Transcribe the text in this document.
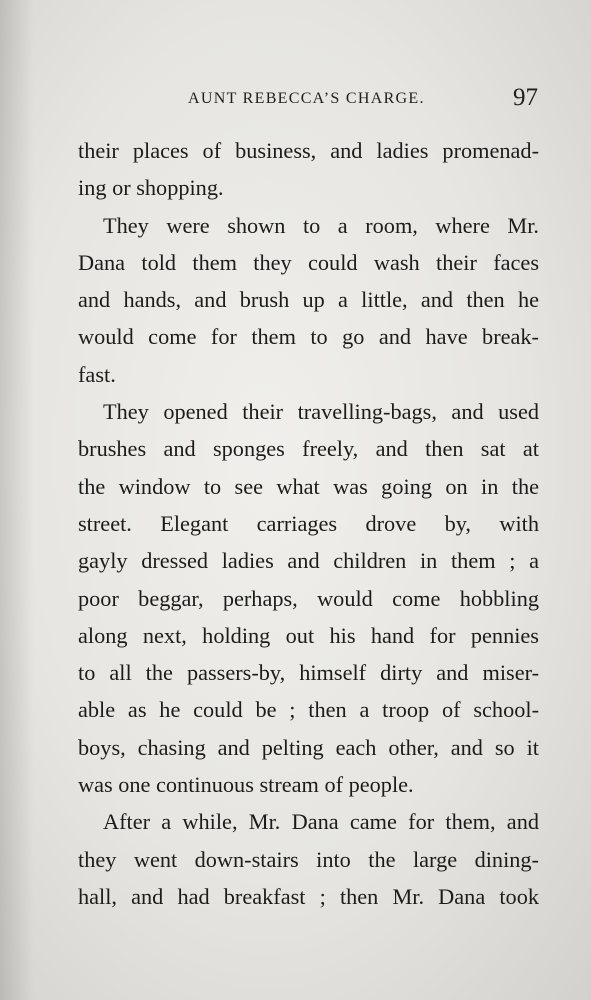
AUNT REBECCA’S CHARGE.	97
their places of business, and ladies promenad-
ing or shopping.
They were shown to a room, where Mr.
Dana told them they could wash their faces
and hands, and brush up a little, and then he
would come for them to go and have break-
fast.
They opened their travelling-bags, and used
brushes and sponges freely, and then sat at
the window to see what was going on in the
street. Elegant carriages drove by, with
gayly dressed ladies and children in them ; a
poor beggar, perhaps, would come hobbling
along next, holding out his hand for pennies
to all the passers-by, himself dirty and miser-
able as he could be ; then a troop of school-
boys, chasing and pelting each other, and so it
was one continuous stream of people.
After a while, Mr. Dana came for them, and
they went down-stairs into the large dining-
hall, and had breakfast ; then Mr. Dana took
